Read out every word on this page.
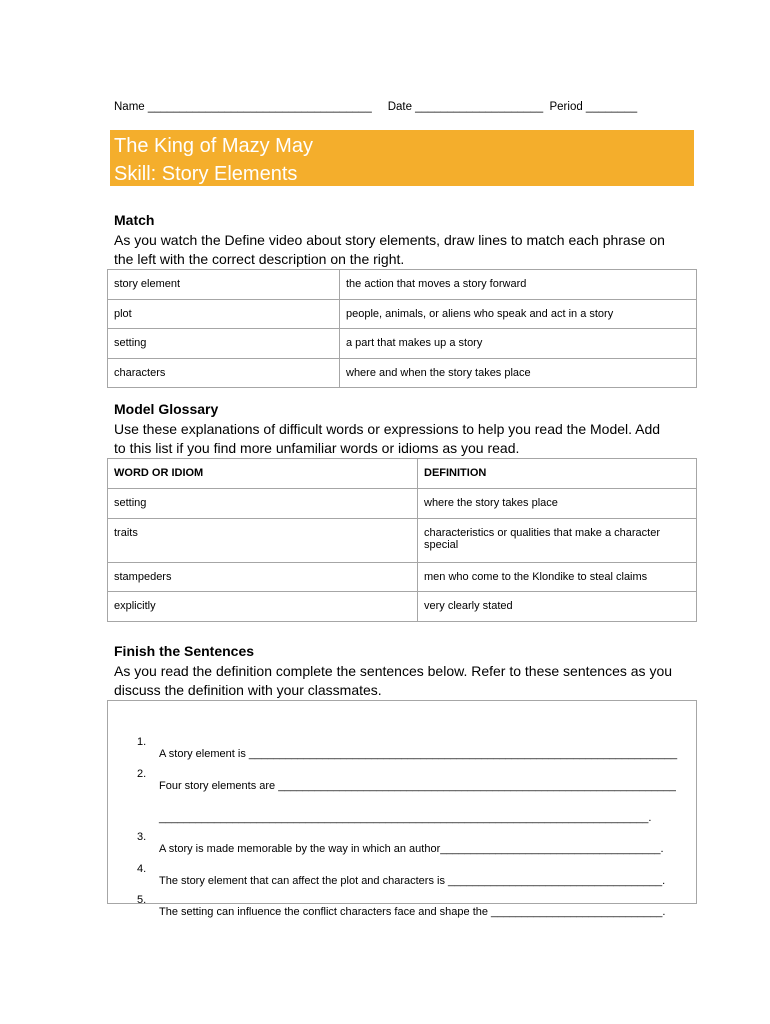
Name ___________________________________     Date ____________________  Period ________
The King of Mazy May
Skill: Story Elements
Match
As you watch the Define video about story elements, draw lines to match each phrase on the left with the correct description on the right.
story element	the action that moves a story forward
plot	people, animals, or aliens who speak and act in a story
setting	a part that makes up a story
characters	where and when the story takes place
Model Glossary
Use these explanations of difficult words or expressions to help you read the Model. Add to this list if you find more unfamiliar words or idioms as you read.
WORD OR IDIOM	DEFINITION
setting	where the story takes place
traits	characteristics or qualities that make a character special
stampeders	men who come to the Klondike to steal claims
explicitly	very clearly stated
Finish the Sentences
As you read the definition complete the sentences below. Refer to these sentences as you discuss the definition with your classmates.

1.

A story element is ______________________________________________________________________

2.

Four story elements are _________________________________________________________________

________________________________________________________________________________.

3.

A story is made memorable by the way in which an author____________________________________.

4.

The story element that can affect the plot and characters is ___________________________________.

5.

The setting can influence the conflict characters face and shape the ____________________________.
